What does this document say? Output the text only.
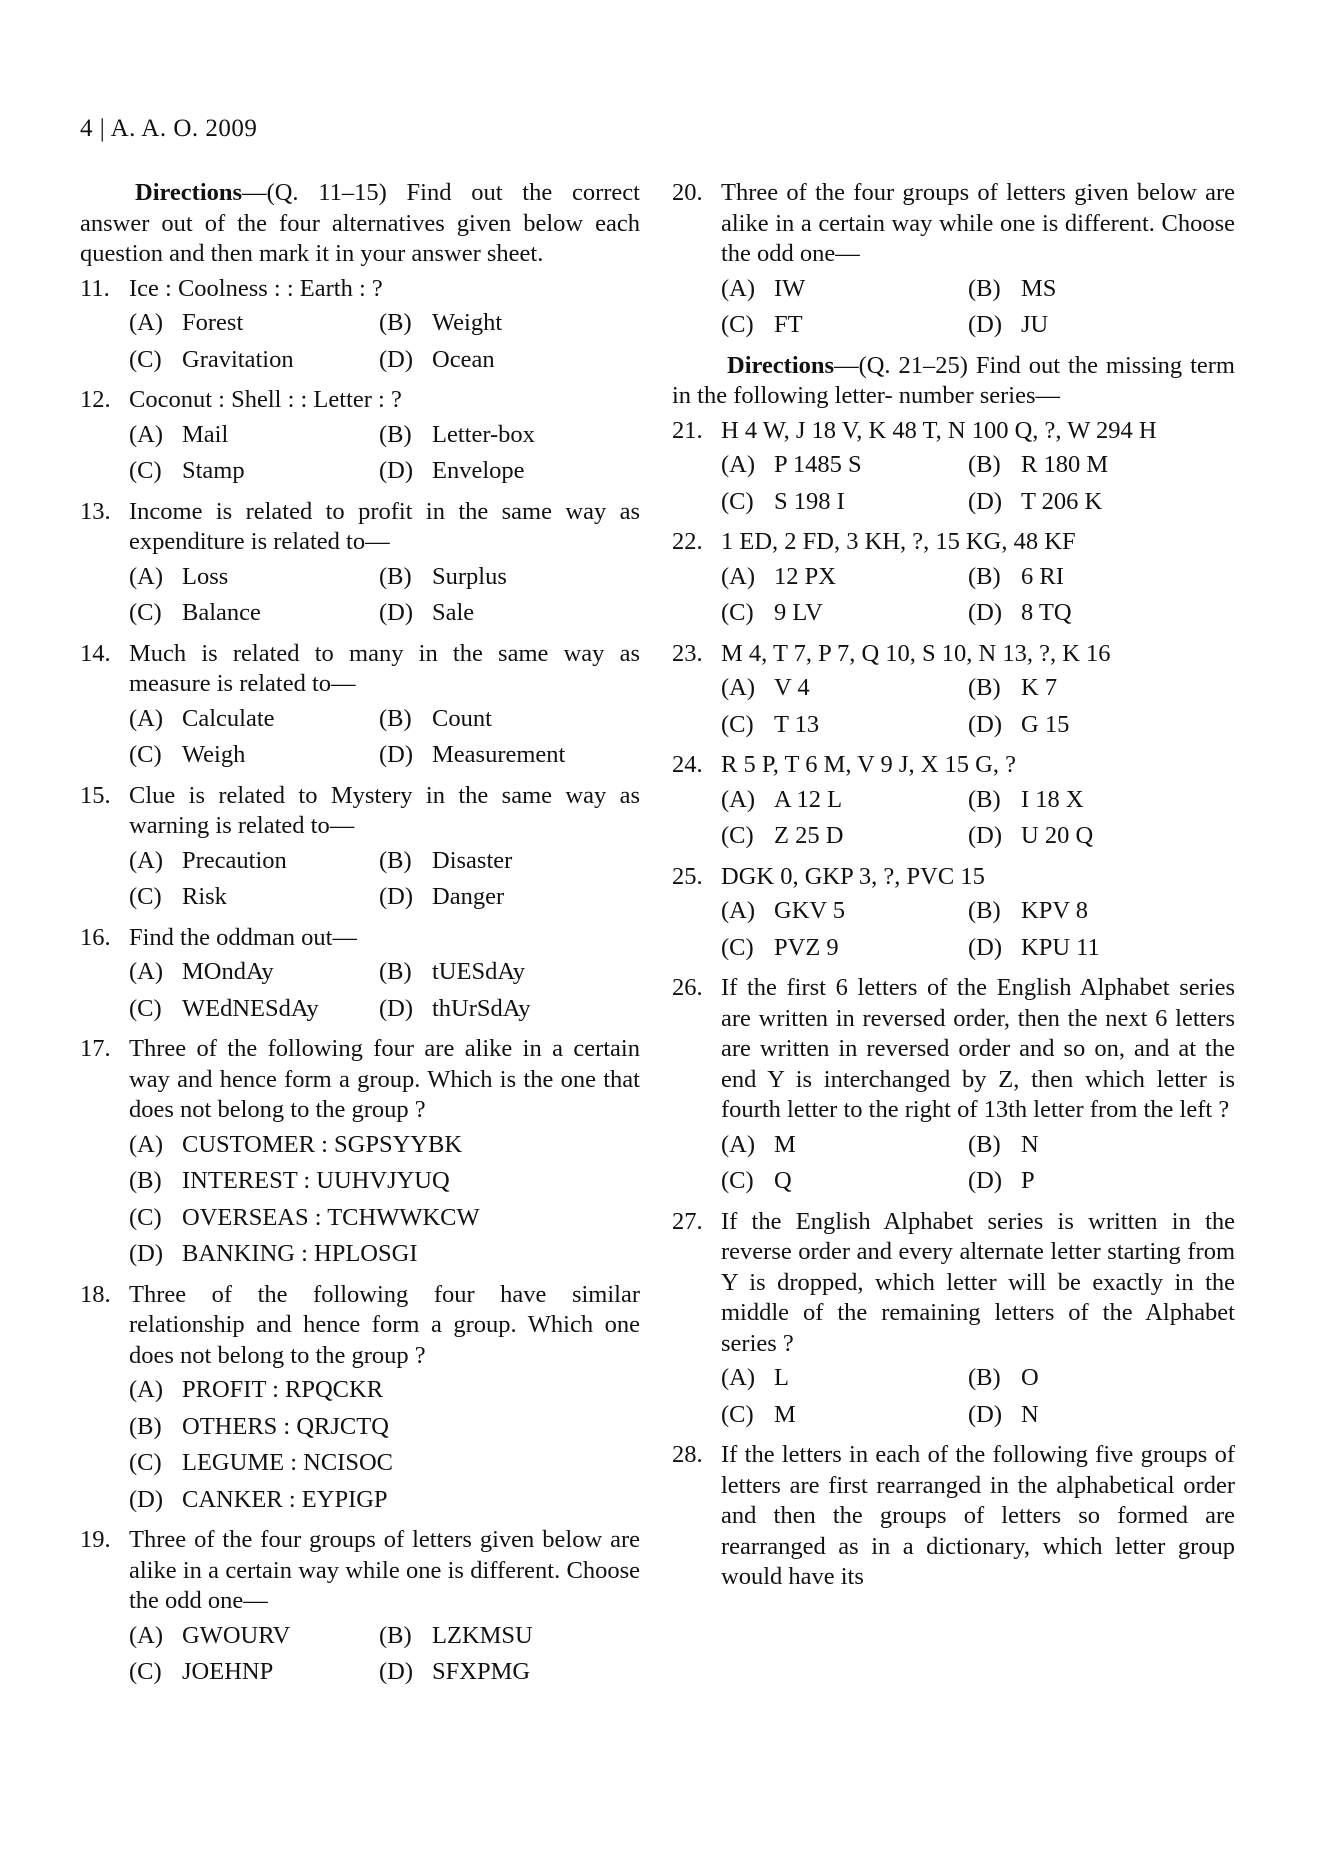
4 | A. A. O. 2009

Directions—(Q. 11–15) Find out the correct answer out of the four alternatives given below each question and then mark it in your answer sheet.

11. Ice : Coolness : : Earth : ?
(A) Forest	(B) Weight
(C) Gravitation	(D) Ocean
12. Coconut : Shell : : Letter : ?
(A) Mail	(B) Letter-box
(C) Stamp	(D) Envelope
13. Income is related to profit in the same way as expenditure is related to—
(A) Loss	(B) Surplus
(C) Balance	(D) Sale
14. Much is related to many in the same way as measure is related to—
(A) Calculate	(B) Count
(C) Weigh	(D) Measurement
15. Clue is related to Mystery in the same way as warning is related to—
(A) Precaution	(B) Disaster
(C) Risk	(D) Danger
16. Find the oddman out—
(A) MOndAy	(B) tUESdAy
(C) WEdNESdAy (D) thUrSdAy
17. Three of the following four are alike in a certain way and hence form a group. Which is the one that does not belong to the group ?
(A) CUSTOMER : SGPSYYBK
(B) INTEREST : UUHVJYUQ
(C) OVERSEAS : TCHWWKCW
(D) BANKING : HPLOSGI
18. Three of the following four have similar relationship and hence form a group. Which one does not belong to the group ?
(A) PROFIT : RPQCKR
(B) OTHERS : QRJCTQ
(C) LEGUME : NCISOC
(D) CANKER : EYPIGP
19. Three of the four groups of letters given below are alike in a certain way while one is different. Choose the odd one—
(A) GWOURV	(B) LZKMSU
(C) JOEHNP	(D) SFXPMG
20. Three of the four groups of letters given below are alike in a certain way while one is different. Choose the odd one—
(A) IW	(B) MS
(C) FT	(D) JU

Directions—(Q. 21–25) Find out the missing term in the following letter- number series—

21. H 4 W, J 18 V, K 48 T, N 100 Q, ?, W 294 H
(A) P 1485 S	(B) R 180 M
(C) S 198 I	(D) T 206 K
22. 1 ED, 2 FD, 3 KH, ?, 15 KG, 48 KF
(A) 12 PX	(B) 6 RI
(C) 9 LV	(D) 8 TQ
23. M 4, T 7, P 7, Q 10, S 10, N 13, ?, K 16
(A) V 4	(B) K 7
(C) T 13	(D) G 15
24. R 5 P, T 6 M, V 9 J, X 15 G, ?
(A) A 12 L	(B) I 18 X
(C) Z 25 D	(D) U 20 Q
25. DGK 0, GKP 3, ?, PVC 15
(A) GKV 5	(B) KPV 8
(C) PVZ 9	(D) KPU 11
26. If the first 6 letters of the English Alphabet series are written in reversed order, then the next 6 letters are written in reversed order and so on, and at the end Y is interchanged by Z, then which letter is fourth letter to the right of 13th letter from the left ?
(A) M	(B) N
(C) Q	(D) P
27. If the English Alphabet series is written in the reverse order and every alternate letter starting from Y is dropped, which letter will be exactly in the middle of the remaining letters of the Alphabet series ?
(A) L	(B) O
(C) M	(D) N
28. If the letters in each of the following five groups of letters are first rearranged in the alphabetical order and then the groups of letters so formed are rearranged as in a dictionary, which letter group would have its
